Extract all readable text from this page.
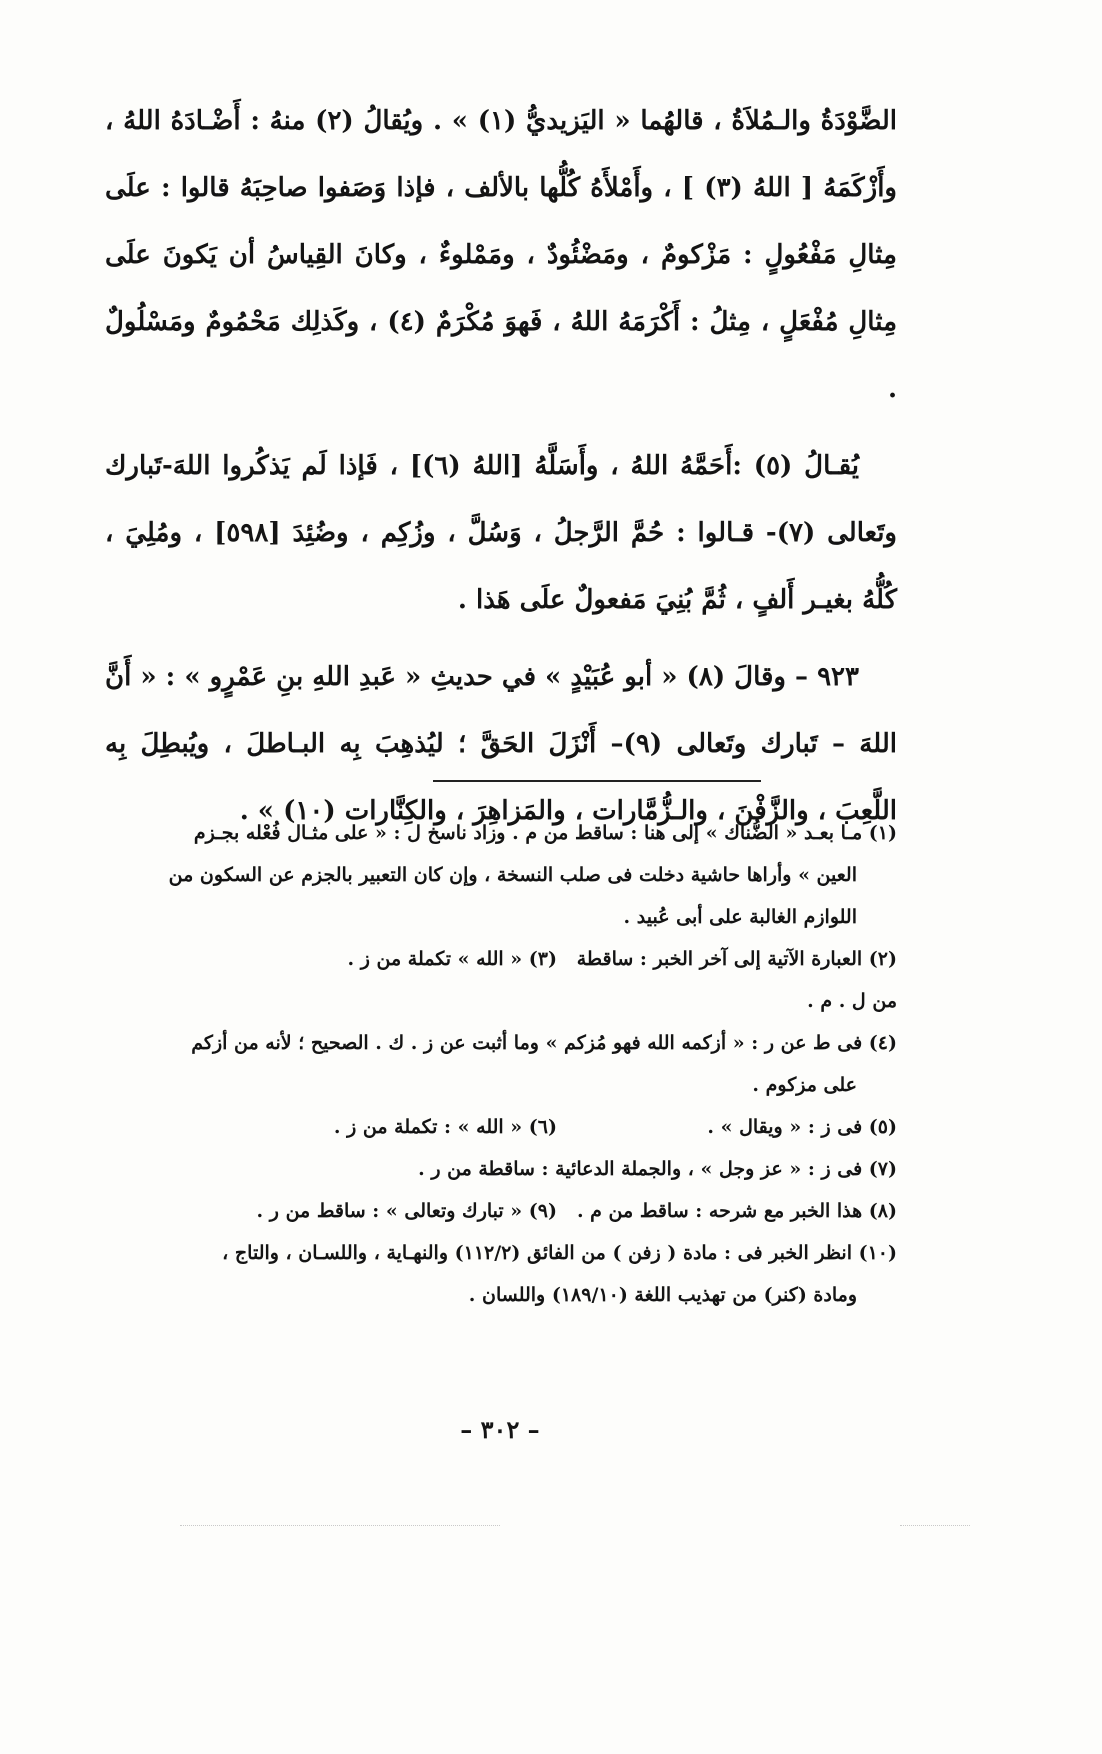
الضَّوْدَةُ والـمُلاَةُ ، قالهُما « اليَزيديُّ (١) » . ويُقالُ (٢) منهُ : أَضْـادَهُ اللهُ ، وأَزْكَمَهُ [ اللهُ (٣) ] ، وأَمْلأَهُ كُلُّها بالألف ، فإذا وَصَفوا صاحِبَهُ قالوا : علَى مِثالِ مَفْعُولٍ : مَزْكومٌ ، ومَضْئُودٌ ، ومَمْلوءٌ ، وكانَ القِياسُ أن يَكونَ علَى مِثالِ مُفْعَلٍ ، مِثلُ : أَكْرَمَهُ اللهُ ، فَهوَ مُكْرَمٌ (٤) ، وكَذلِك مَحْمُومٌ ومَسْلُولٌ .

يُقـالُ (٥) :أَحَمَّهُ اللهُ ، وأَسَلَّهُ [اللهُ (٦)] ، فَإذا لَم يَذكُروا اللهَ-تَبارك وتَعالى (٧)- قـالوا : حُمَّ الرَّجلُ ، وَسُلَّ ، وزُكِم ، وضُئِدَ [٥٩٨] ، ومُلِيَ ، كُلُّهُ بغيـر أَلفٍ ، ثُمَّ بُنِيَ مَفعولٌ علَى هَذا .

٩٢٣ – وقالَ (٨) « أبو عُبَيْدٍ » في حديثِ « عَبدِ اللهِ بنِ عَمْرٍو » : « أَنَّ اللهَ – تَبارك وتَعالى (٩)– أَنْزَلَ الحَقَّ ؛ ليُذهِبَ بِه البـاطلَ ، ويُبطِلَ بِه اللَّعِبَ ، والزَّفْنَ ، والـزُّمَّارات ، والمَزاهِرَ ، والكِنَّارات (١٠) » .

(١) مـا بعـد « الضُّناك » إلى هنا : ساقط من م . وزاد ناسخ ل : « على مثـال فُعْله بجـزم

العين » وأراها حاشية دخلت فى صلب النسخة ، وإن كان التعبير بالجزم عن السكون من

اللوازم الغالبة على أبى عُبيد .

(٢) العبارة الآتية إلى آخر الخبر : ساقطة من ل . م .
(٣) « الله » تكملة من ز .

(٤) فى ط عن ر : « أزكمه الله فهو مُزكم » وما أثبت عن ز . ك . الصحيح ؛ لأنه من أزكم

على مزكوم .

(٥) فى ز : « ويقال » .
(٦) « الله » : تكملة من ز .

(٧) فى ز : « عز وجل » ، والجملة الدعائية : ساقطة من ر .

(٨) هذا الخبر مع شرحه : ساقط من م .
(٩) « تبارك وتعالى » : ساقط من ر .

(١٠) انظر الخبر فى : مادة ( زفن ) من الفائق (١١٢/٢) والنهـاية ، واللسـان ، والتاج ،

ومادة (كنر) من تهذيب اللغة (١٨٩/١٠) واللسان .

– ٣٠٢ –
